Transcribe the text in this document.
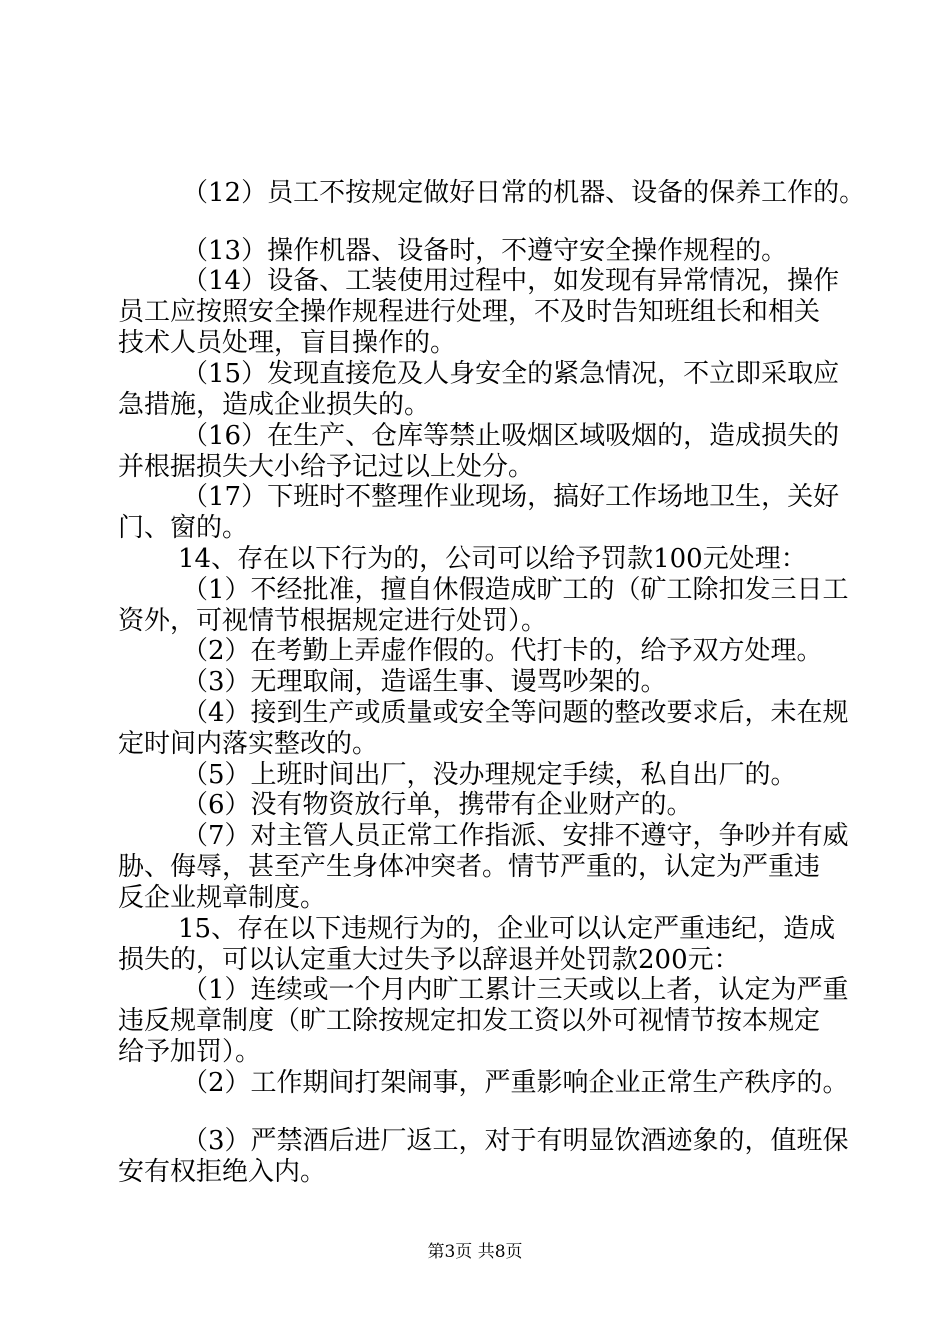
（12）员工不按规定做好日常的机器、设备的保养工作的。
（13）操作机器、设备时，不遵守安全操作规程的。
（14）设备、工装使用过程中，如发现有异常情况，操作
员工应按照安全操作规程进行处理，不及时告知班组长和相关
技术人员处理，盲目操作的。
（15）发现直接危及人身安全的紧急情况，不立即采取应
急措施，造成企业损失的。
（16）在生产、仓库等禁止吸烟区域吸烟的，造成损失的
并根据损失大小给予记过以上处分。
（17）下班时不整理作业现场，搞好工作场地卫生，关好
门、窗的。
14、存在以下行为的，公司可以给予罚款100元处理：
（1）不经批准，擅自休假造成旷工的（矿工除扣发三日工
资外，可视情节根据规定进行处罚）。
（2）在考勤上弄虚作假的。代打卡的，给予双方处理。
（3）无理取闹，造谣生事、谩骂吵架的。
（4）接到生产或质量或安全等问题的整改要求后，未在规
定时间内落实整改的。
（5）上班时间出厂，没办理规定手续，私自出厂的。
（6）没有物资放行单，携带有企业财产的。
（7）对主管人员正常工作指派、安排不遵守，争吵并有威
胁、侮辱，甚至产生身体冲突者。情节严重的，认定为严重违
反企业规章制度。
15、存在以下违规行为的，企业可以认定严重违纪，造成
损失的，可以认定重大过失予以辞退并处罚款200元：
（1）连续或一个月内旷工累计三天或以上者，认定为严重
违反规章制度（旷工除按规定扣发工资以外可视情节按本规定
给予加罚）。
（2）工作期间打架闹事，严重影响企业正常生产秩序的。
（3）严禁酒后进厂返工，对于有明显饮酒迹象的，值班保
安有权拒绝入内。
第3页 共8页
